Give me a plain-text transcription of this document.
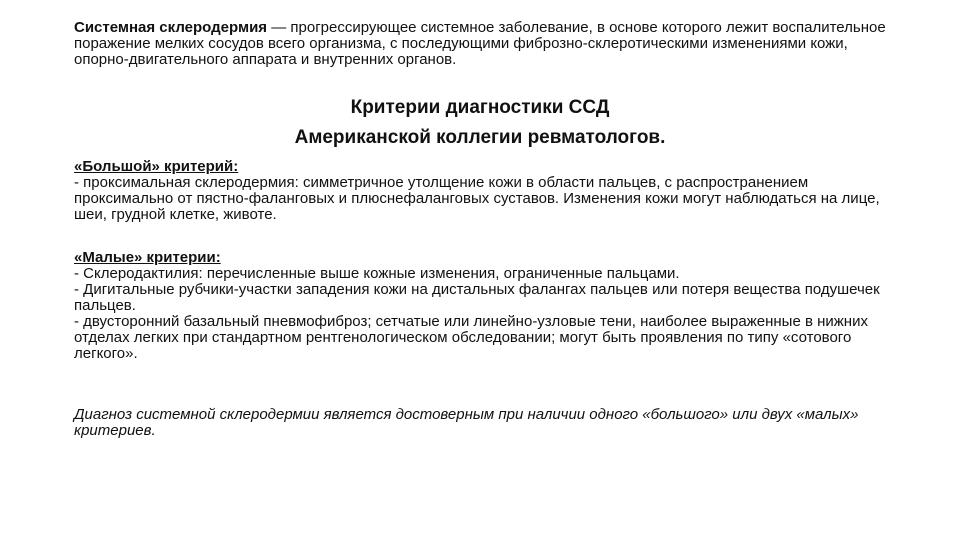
Системная склеродермия — прогрессирующее системное заболевание, в основе которого лежит воспалительное поражение мелких сосудов всего организма, с последующими фиброзно-склеротическими изменениями кожи, опорно-двигательного аппарата и внутренних органов.
Критерии диагностики ССД
Американской коллегии ревматологов.
«Большой» критерий:
- проксимальная склеродермия: симметричное утолщение кожи в области пальцев, с распространением проксимально от пястно-фаланговых и плюснефаланговых суставов. Изменения кожи могут наблюдаться на лице, шеи, грудной клетке, животе.
«Малые» критерии:
- Склеродактилия: перечисленные выше кожные изменения, ограниченные пальцами.
- Дигитальные рубчики-участки западения кожи на дистальных фалангах пальцев или потеря вещества подушечек пальцев.
- двусторонний базальный пневмофиброз; сетчатые или линейно-узловые тени, наиболее выраженные в нижних отделах легких при стандартном рентгенологическом обследовании; могут быть проявления по типу «сотового легкого».
Диагноз системной склеродермии является достоверным при наличии одного «большого» или двух «малых» критериев.
